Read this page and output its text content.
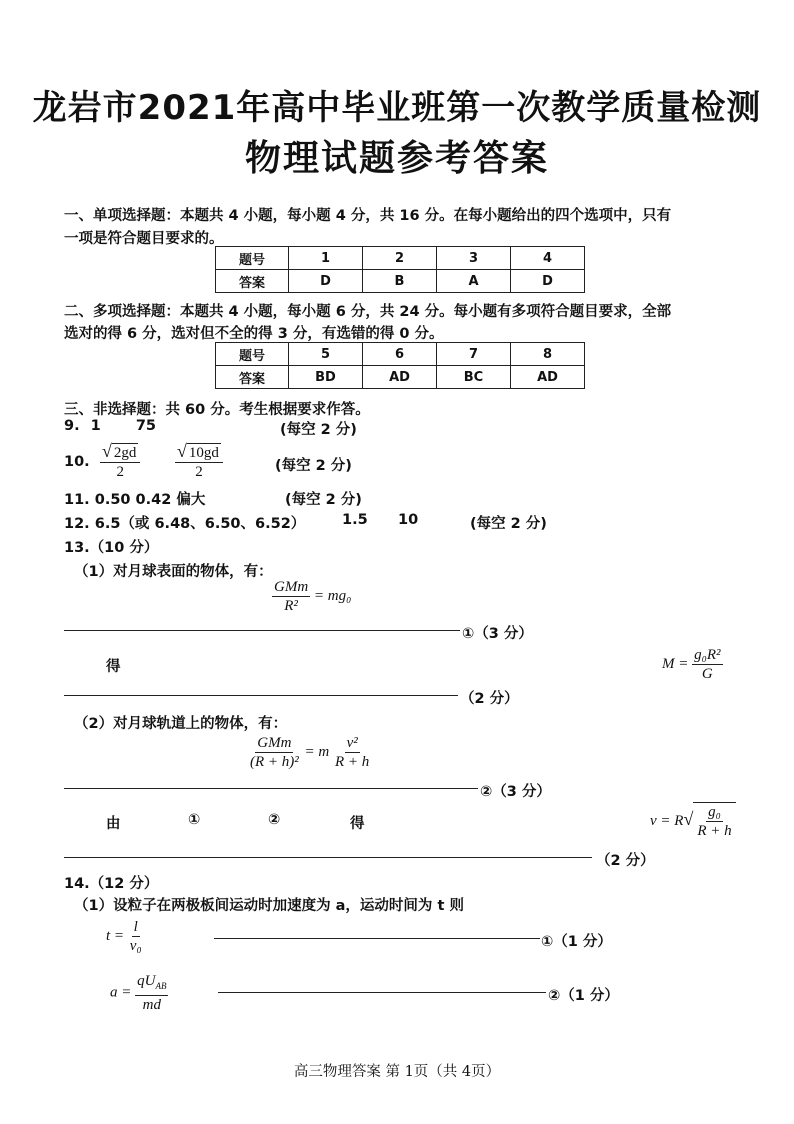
龙岩市2021年高中毕业班第一次教学质量检测
物理试题参考答案
一、单项选择题：本题共 4 小题，每小题 4 分，共 16 分。在每小题给出的四个选项中，只有
一项是符合题目要求的。
题号	1	2	3	4
答案	D	B	A	D
二、多项选择题：本题共 4 小题，每小题 6 分，共 24 分。每小题有多项符合题目要求，全部
选对的得 6 分，选对但不全的得 3 分，有选错的得 0 分。
题号	5	6	7	8
答案	BD	AD	BC	AD
三、非选择题：共 60 分。考生根据要求作答。
9. 1 75	(每空 2 分)
10. $\frac{√ 2gd}{2} \frac{√ 10gd}{2}$	(每空 2 分)
11. 0.50 0.42 偏大	(每空 2 分)
12. 6.5（或 6.48、6.50、6.52）	1.5 10	(每空 2 分)
13.（10 分）
（1）对月球表面的物体，有：
$\frac{\text{GMm}}{\text{R²}} = mg_0$
①（3 分）
得	$M = \frac{\text{g₀R²}}{G}$
（2 分）
（2）对月球轨道上的物体，有：
$\frac{\text{GMm}}{\text{(R + h)²}} = m \frac{\text{v²}}{R + h}$
②（3 分）
由	①	②	得	$v = R√ \frac{\text{g₀}}{R + h}$
（2 分）
14.（12 分）
（1）设粒子在两极板间运动时加速度为 a，运动时间为 t 则
$t = \frac{l}{\text{v₀}}$	①（1 分）
$a = \frac{qU_{AB}}{md}$	②（1 分）
高三物理答案 第 1页（共 4页）
